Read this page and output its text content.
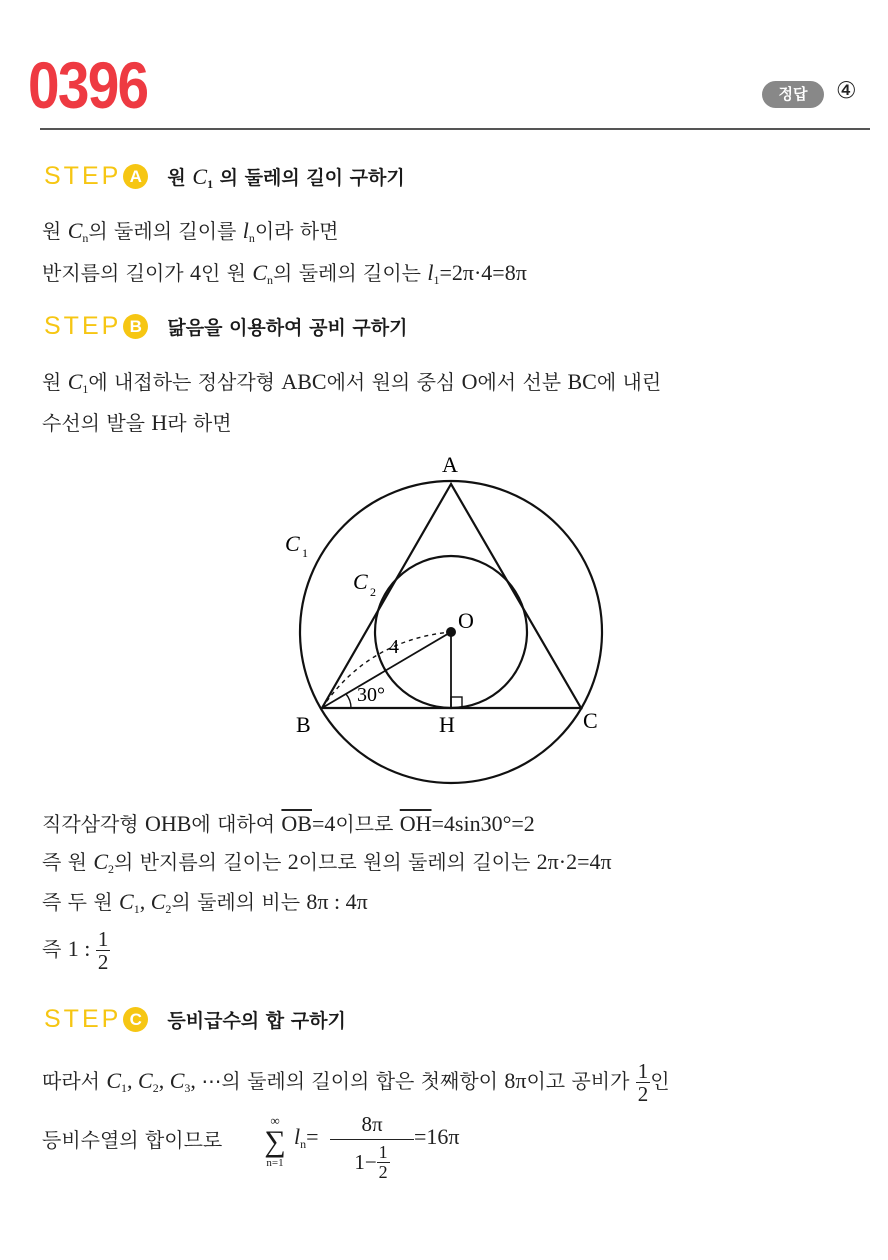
0396	정답	④
STEP A 원 $C_1$ 의 둘레의 길이 구하기
원 $C_n$의 둘레의 길이를 $l_n$이라 하면
반지름의 길이가 4인 원 $C_n$의 둘레의 길이는 $l_1=2\pi\cdot 4=8\pi$
STEP B 닮음을 이용하여 공비 구하기
원 $C_1$에 내접하는 정삼각형 ABC에서 원의 중심 O에서 선분 BC에 내린
수선의 발을 H라 하면
A
B	C
H
O
C 1
C 2
4
30°
직각삼각형 OHB에 대하여 $\overline{OB}=4$이므로 $\overline{OH}=4\sin 30^\circ=2$
즉 원 $C_2$의 반지름의 길이는 2이므로 원의 둘레의 길이는 2π·2=4π
즉 두 원 $C_1$, $C_2$의 둘레의 비는 8π : 4π
즉 1 : $\frac{1}{2}$
STEP C 등비급수의 합 구하기
따라서 $C_1$, $C_2$, $C_3$, ⋯의 둘레의 길이의 합은 첫째항이 8π이고 공비가 $\frac{1}{2}$ 인
등비수열의 합이므로
∞
∑
n=1
$l_n=$	8π
$1- \frac{1}{2}$
=16π
